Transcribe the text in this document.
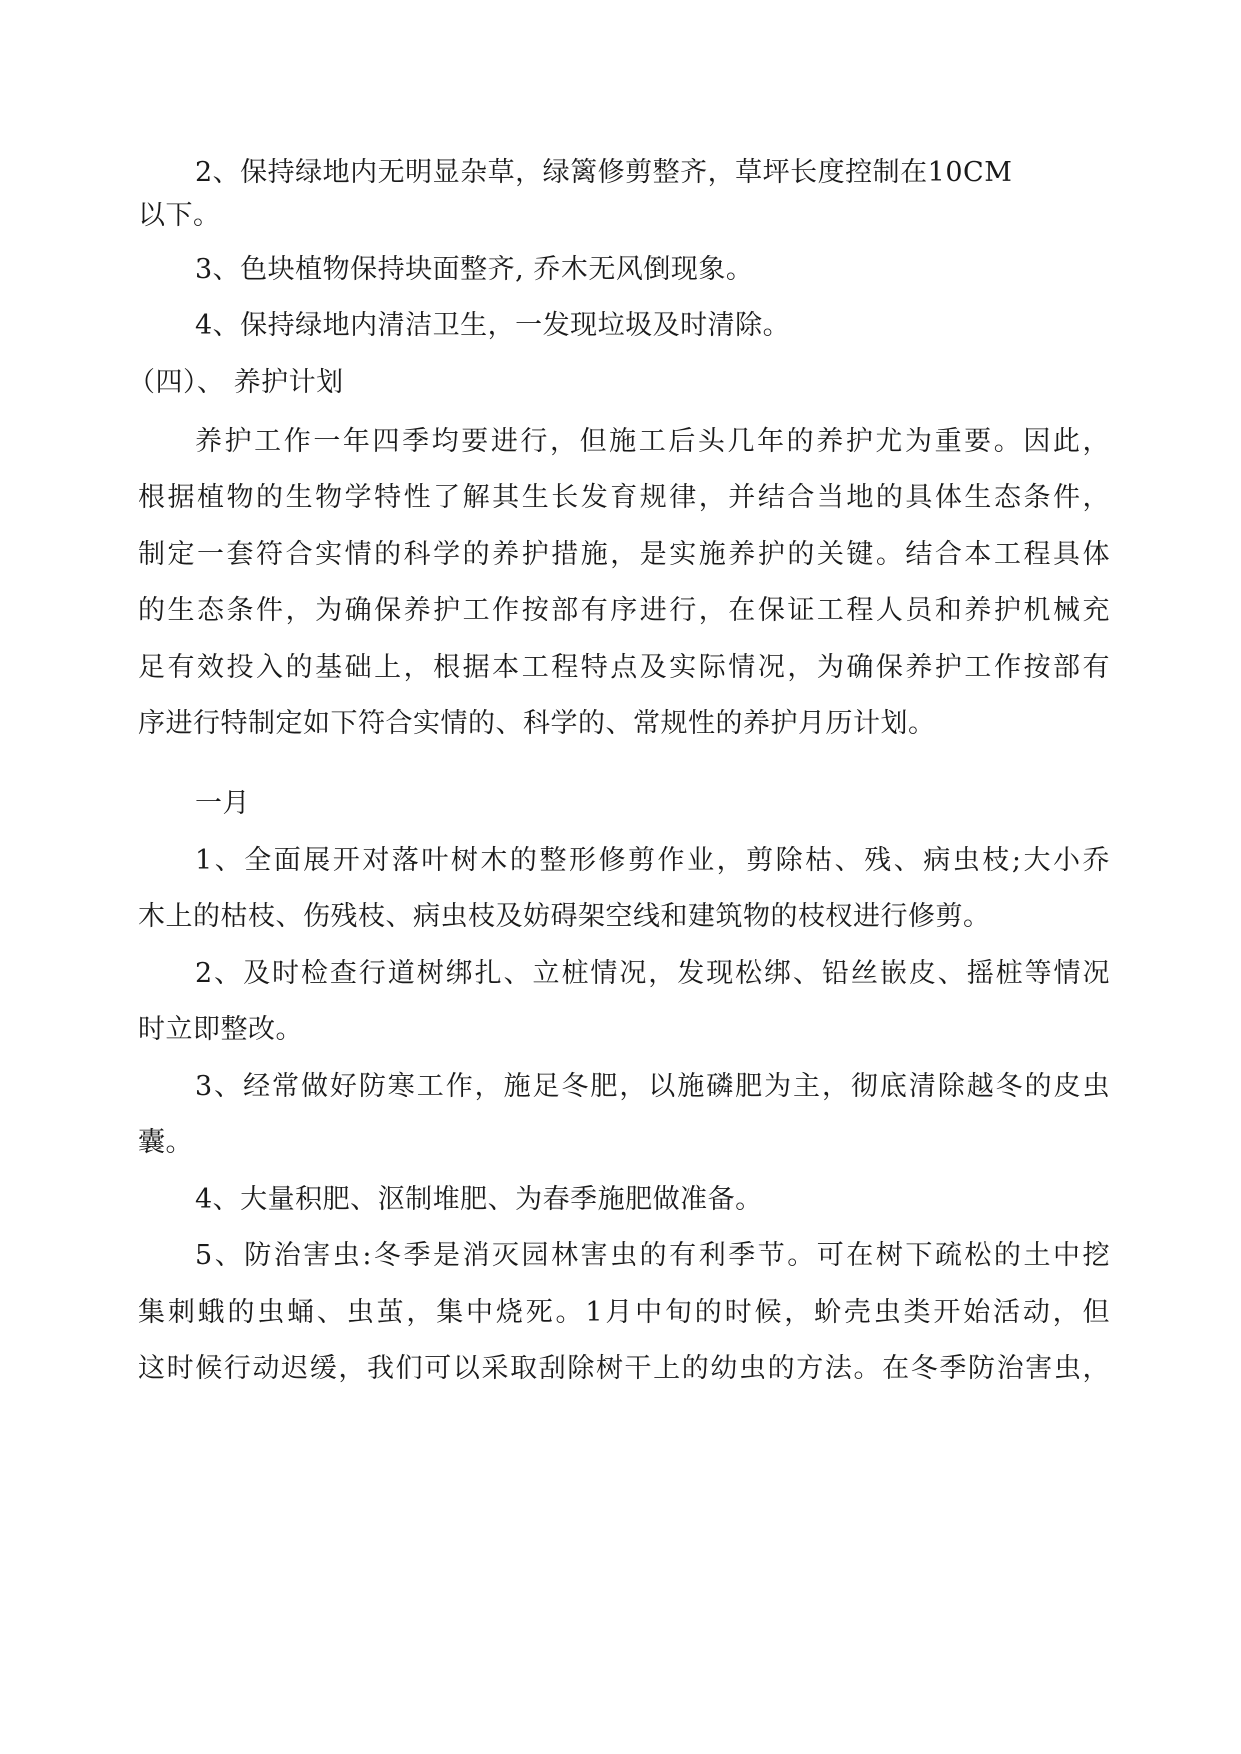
2、保持绿地内无明显杂草，绿篱修剪整齐，草坪长度控制在10CM

以下。

3、色块植物保持块面整齐, 乔木无风倒现象。

4、保持绿地内清洁卫生，一发现垃圾及时清除。

（四）、 养护计划

养护工作一年四季均要进行，但施工后头几年的养护尤为重要。因此，

根据植物的生物学特性了解其生长发育规律，并结合当地的具体生态条件，

制定一套符合实情的科学的养护措施，是实施养护的关键。结合本工程具体

的生态条件，为确保养护工作按部有序进行，在保证工程人员和养护机械充

足有效投入的基础上，根据本工程特点及实际情况，为确保养护工作按部有

序进行特制定如下符合实情的、科学的、常规性的养护月历计划。

一月

1、全面展开对落叶树木的整形修剪作业，剪除枯、残、病虫枝;大小乔

木上的枯枝、伤残枝、病虫枝及妨碍架空线和建筑物的枝杈进行修剪。

2、及时检查行道树绑扎、立桩情况，发现松绑、铅丝嵌皮、摇桩等情况

时立即整改。

3、经常做好防寒工作，施足冬肥，以施磷肥为主，彻底清除越冬的皮虫

囊。

4、大量积肥、沤制堆肥、为春季施肥做准备。

5、防治害虫:冬季是消灭园林害虫的有利季节。可在树下疏松的土中挖

集刺蛾的虫蛹、虫茧，集中烧死。1月中旬的时候，蚧壳虫类开始活动，但

这时候行动迟缓，我们可以采取刮除树干上的幼虫的方法。在冬季防治害虫，
